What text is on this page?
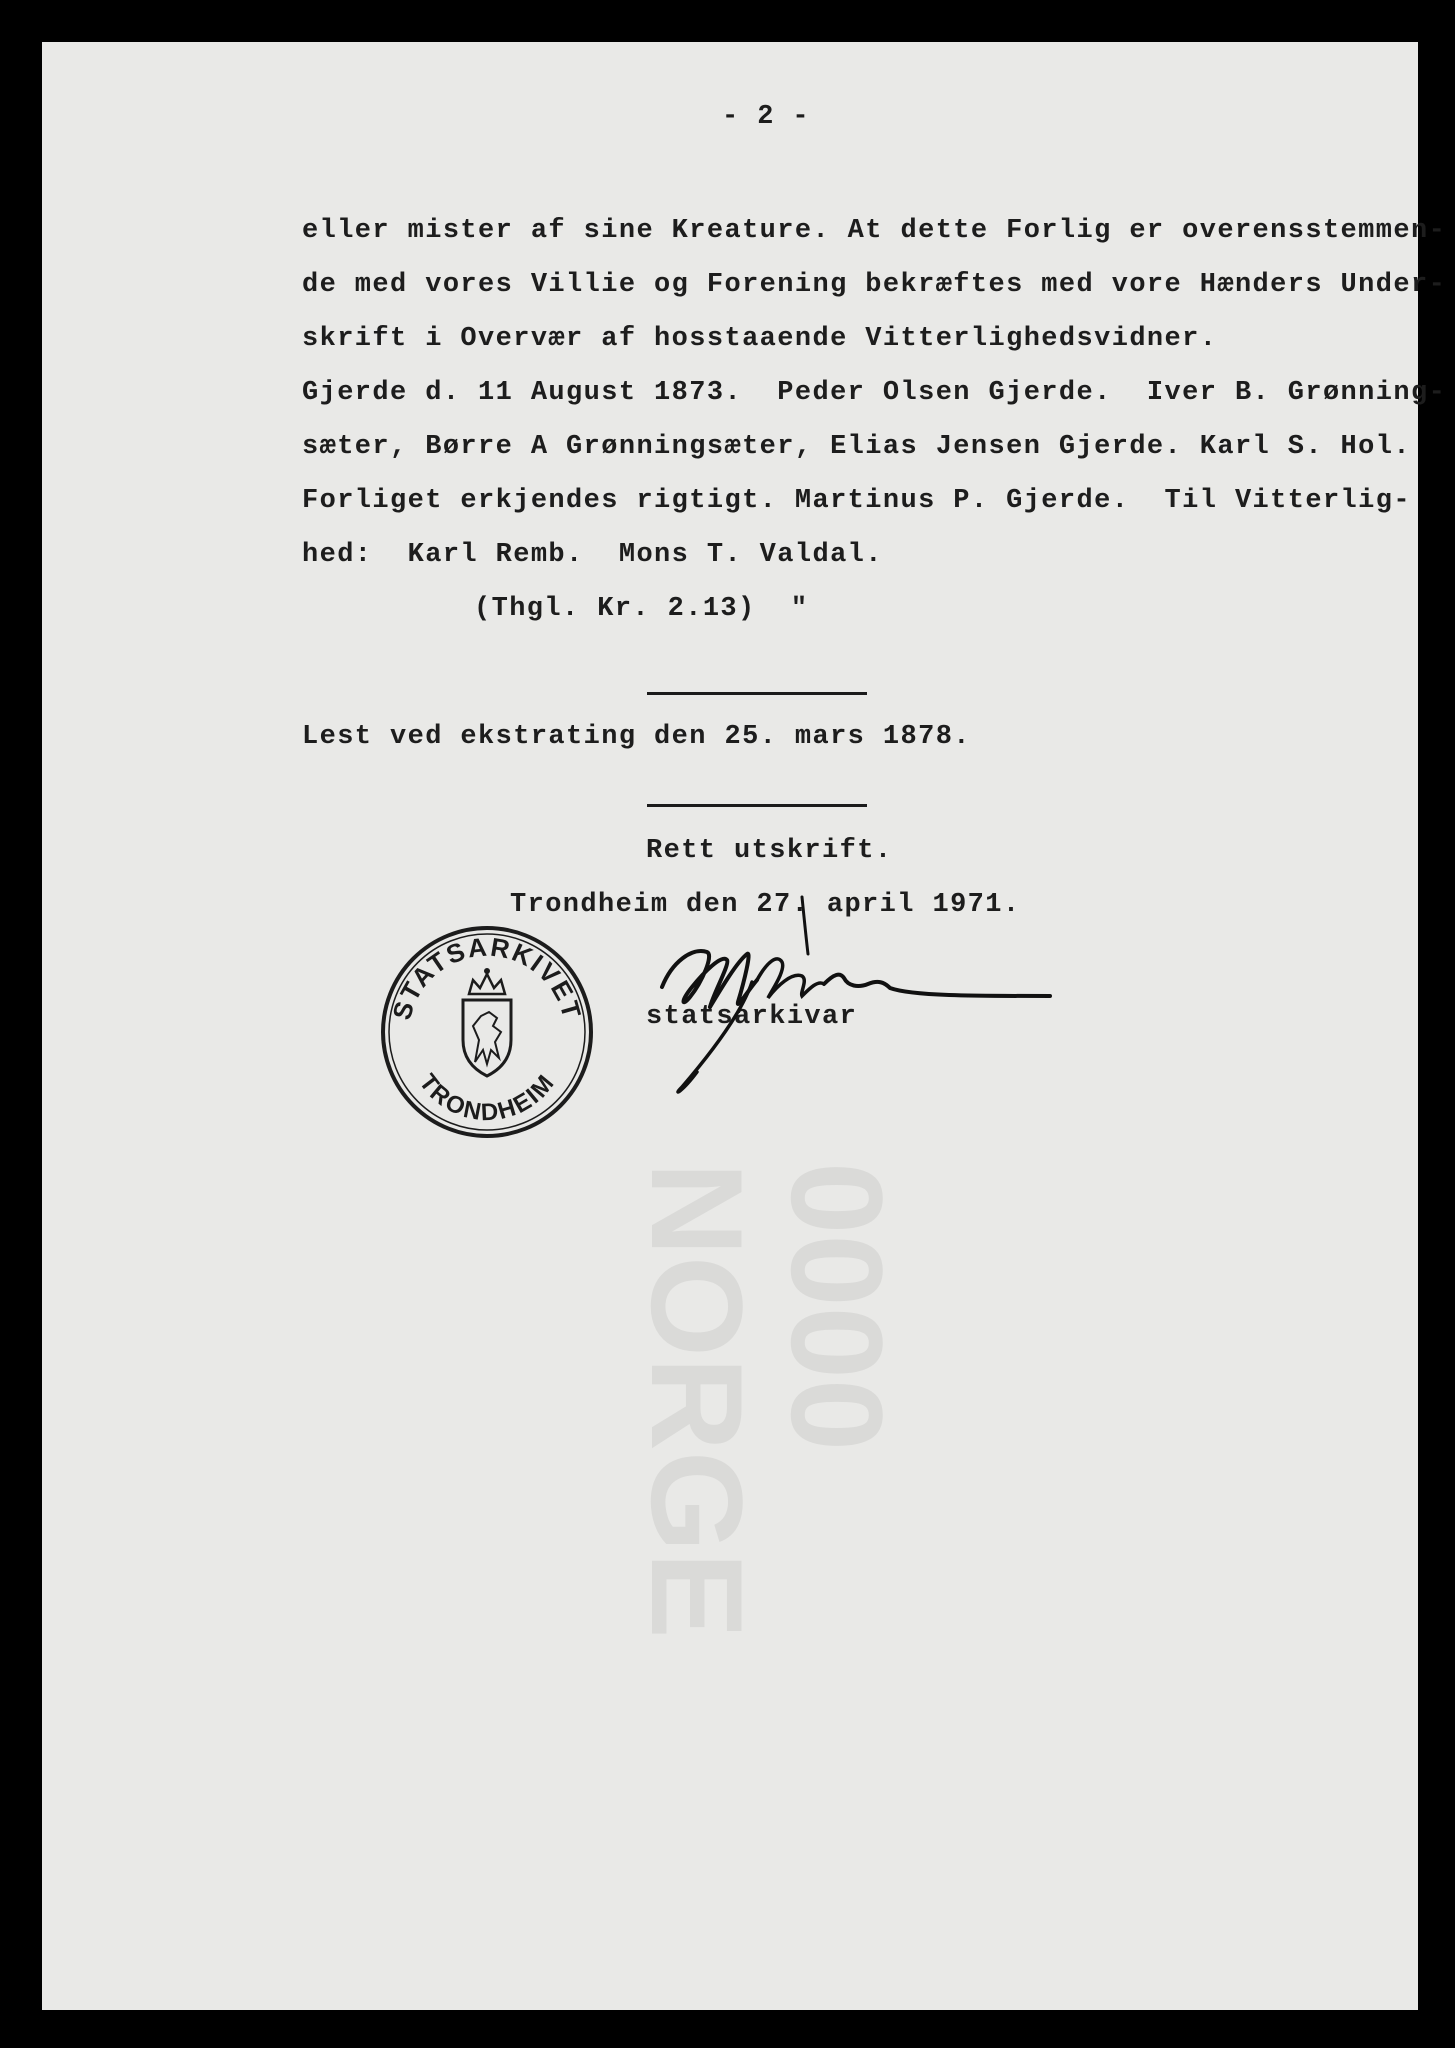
NORGE
0000
- 2 -
eller mister af sine Kreature. At dette Forlig er overensstemmen-
de med vores Villie og Forening bekræftes med vore Hænders Under-
skrift i Overvær af hosstaaende Vitterlighedsvidner.
Gjerde d. 11 August 1873.  Peder Olsen Gjerde.  Iver B. Grønning-
sæter, Børre A Grønningsæter, Elias Jensen Gjerde. Karl S. Hol.
Forliget erkjendes rigtigt. Martinus P. Gjerde.  Til Vitterlig-
hed:  Karl Remb.  Mons T. Valdal.
(Thgl. Kr. 2.13)  "
Lest ved ekstrating den 25. mars 1878.
Rett utskrift.
Trondheim den 27. april 1971.
statsarkivar
STATSARKIVET
TRONDHEIM
